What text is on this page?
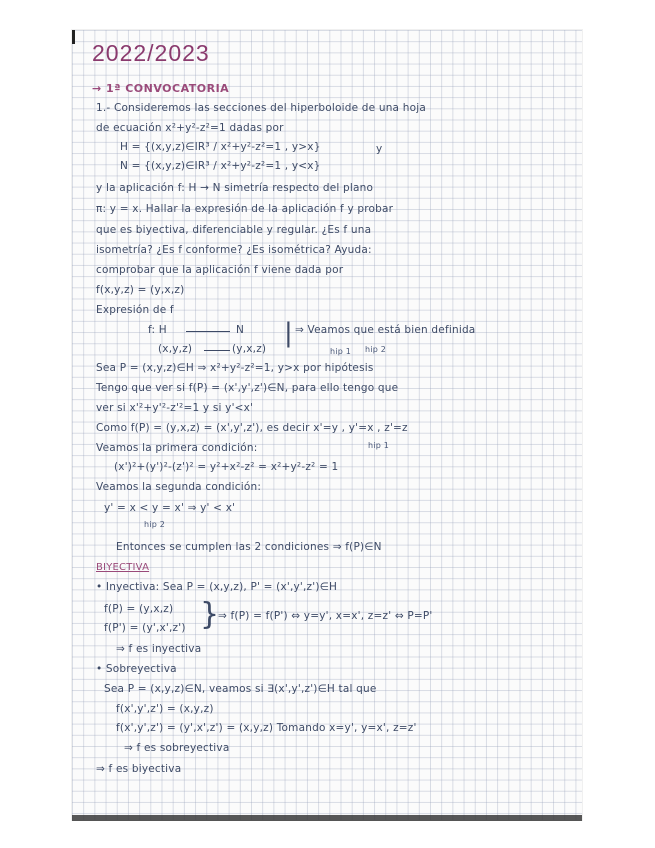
2022/2023
→ 1ª CONVOCATORIA
1.- Consideremos las secciones del hiperboloide de una hoja
de ecuación x²+y²-z²=1 dadas por
H = {(x,y,z)∈IR³ / x²+y²-z²=1 , y>x}	y
N = {(x,y,z)∈IR³ / x²+y²-z²=1 , y<x}
y la aplicación f: H → N simetría respecto del plano
π: y = x. Hallar la expresión de la aplicación f y probar
que es biyectiva, diferenciable y regular. ¿Es f una
isometría? ¿Es f conforme? ¿Es isométrica? Ayuda:
comprobar que la aplicación f viene dada por
f(x,y,z) = (y,x,z)
Expresión de f
f: H	N | ⇒ Veamos que está bien definida
(x,y,z)	(y,x,z)	hip 1 hip 2
Sea P = (x,y,z)∈H ⇒ x²+y²-z²=1, y>x por hipótesis
Tengo que ver si f(P) = (x',y',z')∈N, para ello tengo que
ver si x'²+y'²-z'²=1 y si y'<x'
Como f(P) = (y,x,z) = (x',y',z'), es decir x'=y , y'=x , z'=z
Veamos la primera condición:	hip 1
(x')²+(y')²-(z')² = y²+x²-z² = x²+y²-z² = 1
Veamos la segunda condición:
y' = x < y = x' ⇒ y' < x'
hip 2
Entonces se cumplen las 2 condiciones ⇒ f(P)∈N
BIYECTIVA
• Inyectiva: Sea P = (x,y,z), P' = (x',y',z')∈H
f(P) = (y,x,z) }
⇒ f(P) = f(P') ⇔ y=y', x=x', z=z' ⇔ P=P'
f(P') = (y',x',z')
⇒ f es inyectiva
• Sobreyectiva
Sea P = (x,y,z)∈N, veamos si ∃(x',y',z')∈H tal que
f(x',y',z') = (x,y,z)
f(x',y',z') = (y',x',z') = (x,y,z) Tomando x=y', y=x', z=z'
⇒ f es sobreyectiva
⇒ f es biyectiva
